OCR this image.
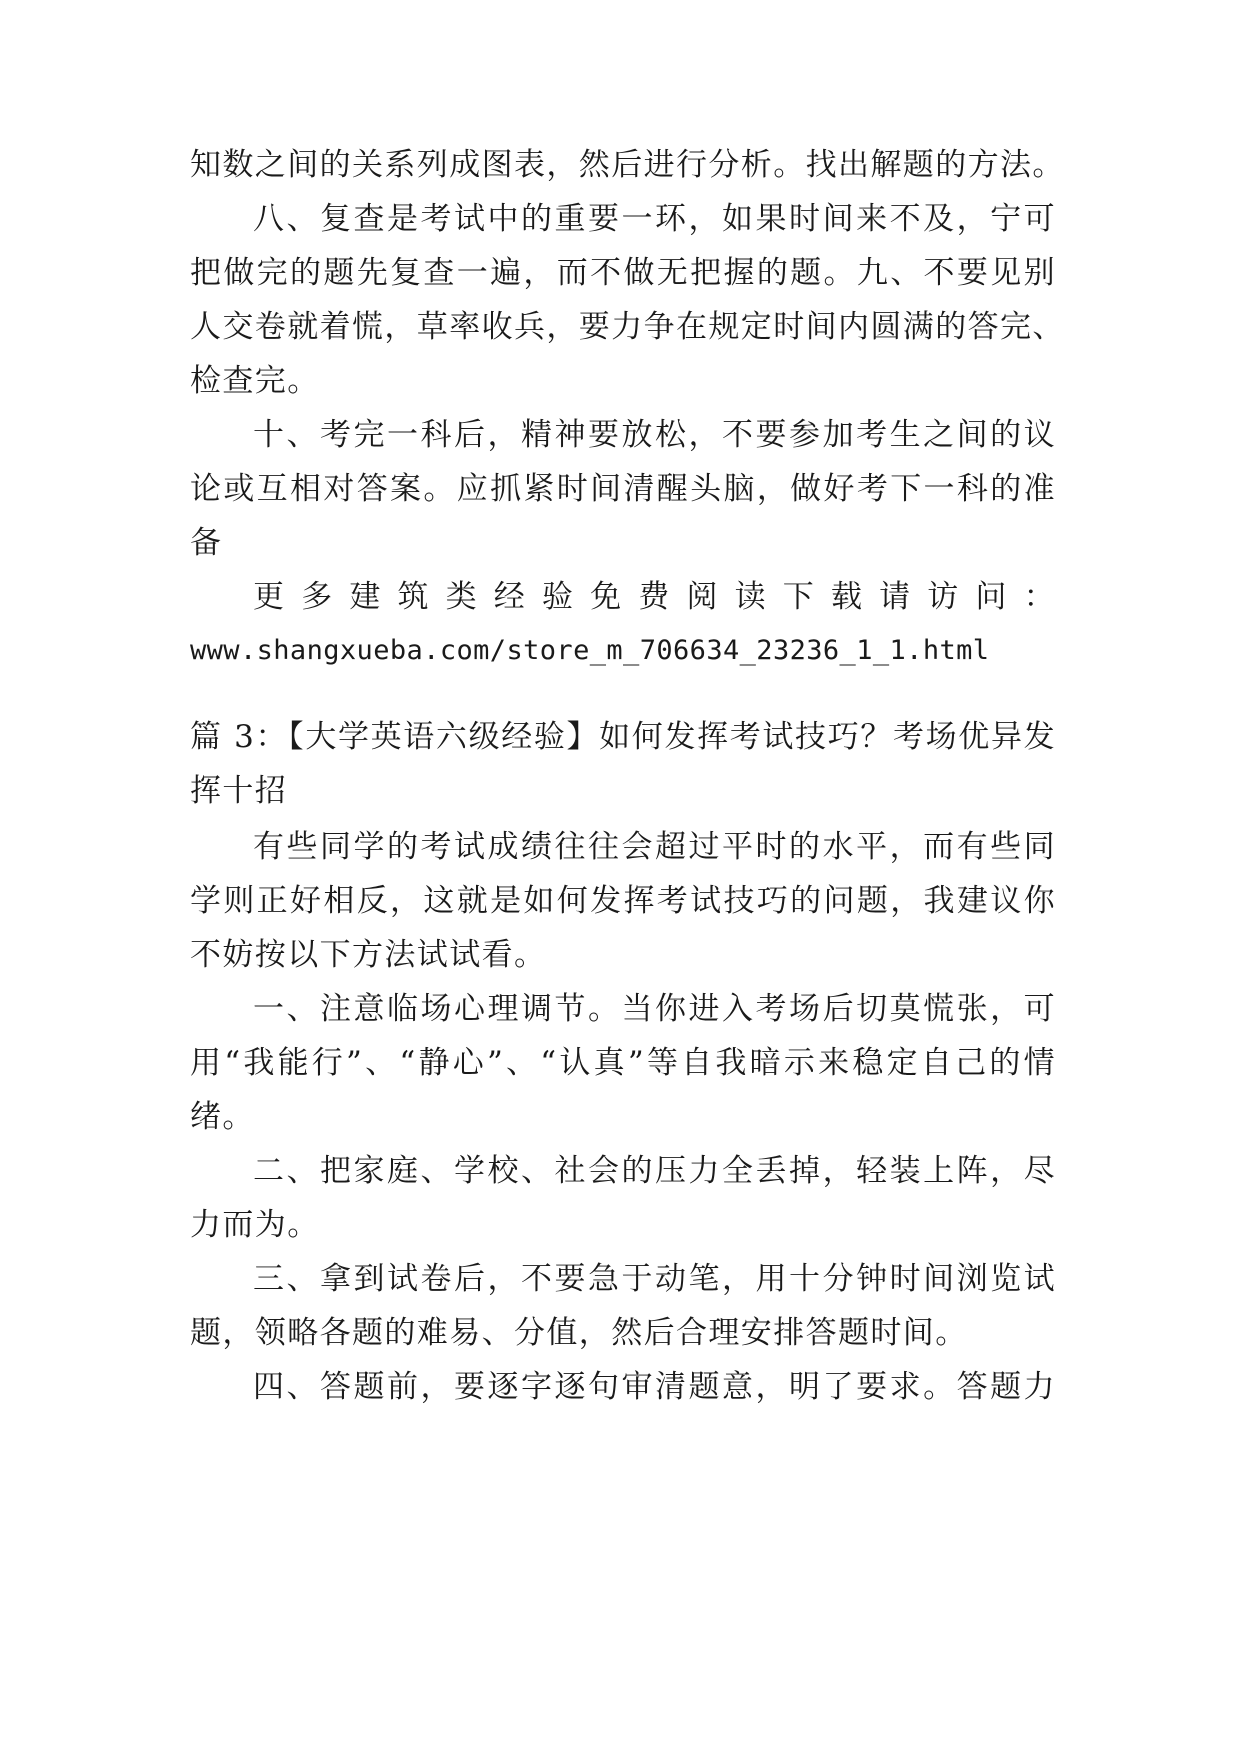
知数之间的关系列成图表，然后进行分析。找出解题的方法。
八、复查是考试中的重要一环，如果时间来不及，宁可
把做完的题先复查一遍，而不做无把握的题。九、不要见别
人交卷就着慌，草率收兵，要力争在规定时间内圆满的答完、
检查完。
十、考完一科后，精神要放松，不要参加考生之间的议
论或互相对答案。应抓紧时间清醒头脑，做好考下一科的准
备
更多建筑类经验免费阅读下载请访问：
www.shangxueba.com/store_m_706634_23236_1_1.html
篇 3：【大学英语六级经验】如何发挥考试技巧？考场优异发
挥十招
有些同学的考试成绩往往会超过平时的水平，而有些同
学则正好相反，这就是如何发挥考试技巧的问题，我建议你
不妨按以下方法试试看。
一、注意临场心理调节。当你进入考场后切莫慌张，可
用“我能行”、“静心”、“认真”等自我暗示来稳定自己的情
绪。
二、把家庭、学校、社会的压力全丢掉，轻装上阵，尽
力而为。
三、拿到试卷后，不要急于动笔，用十分钟时间浏览试
题，领略各题的难易、分值，然后合理安排答题时间。
四、答题前，要逐字逐句审清题意，明了要求。答题力
